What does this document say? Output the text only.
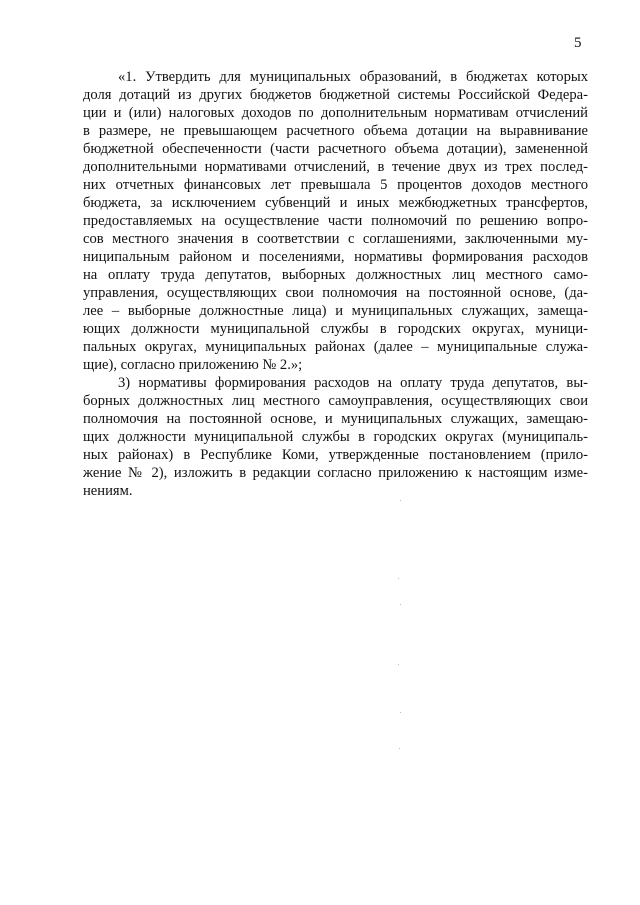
5
«1. Утвердить для муниципальных образований, в бюджетах которых
доля дотаций из других бюджетов бюджетной системы Российской Федера-
ции и (или) налоговых доходов по дополнительным нормативам отчислений
в размере, не превышающем расчетного объема дотации на выравнивание
бюджетной обеспеченности (части расчетного объема дотации), замененной
дополнительными нормативами отчислений, в течение двух из трех послед-
них отчетных финансовых лет превышала 5 процентов доходов местного
бюджета, за исключением субвенций и иных межбюджетных трансфертов,
предоставляемых на осуществление части полномочий по решению вопро-
сов местного значения в соответствии с соглашениями, заключенными му-
ниципальным районом и поселениями, нормативы формирования расходов
на оплату труда депутатов, выборных должностных лиц местного само-
управления, осуществляющих свои полномочия на постоянной основе, (да-
лее – выборные должностные лица) и муниципальных служащих, замеща-
ющих должности муниципальной службы в городских округах, муници-
пальных округах, муниципальных районах (далее – муниципальные служа-
щие), согласно приложению № 2.»;
3) нормативы формирования расходов на оплату труда депутатов, вы-
борных должностных лиц местного самоуправления, осуществляющих свои
полномочия на постоянной основе, и муниципальных служащих, замещаю-
щих должности муниципальной службы в городских округах (муниципаль-
ных районах) в Республике Коми, утвержденные постановлением (прило-
жение № 2), изложить в редакции согласно приложению к настоящим изме-
нениям.
